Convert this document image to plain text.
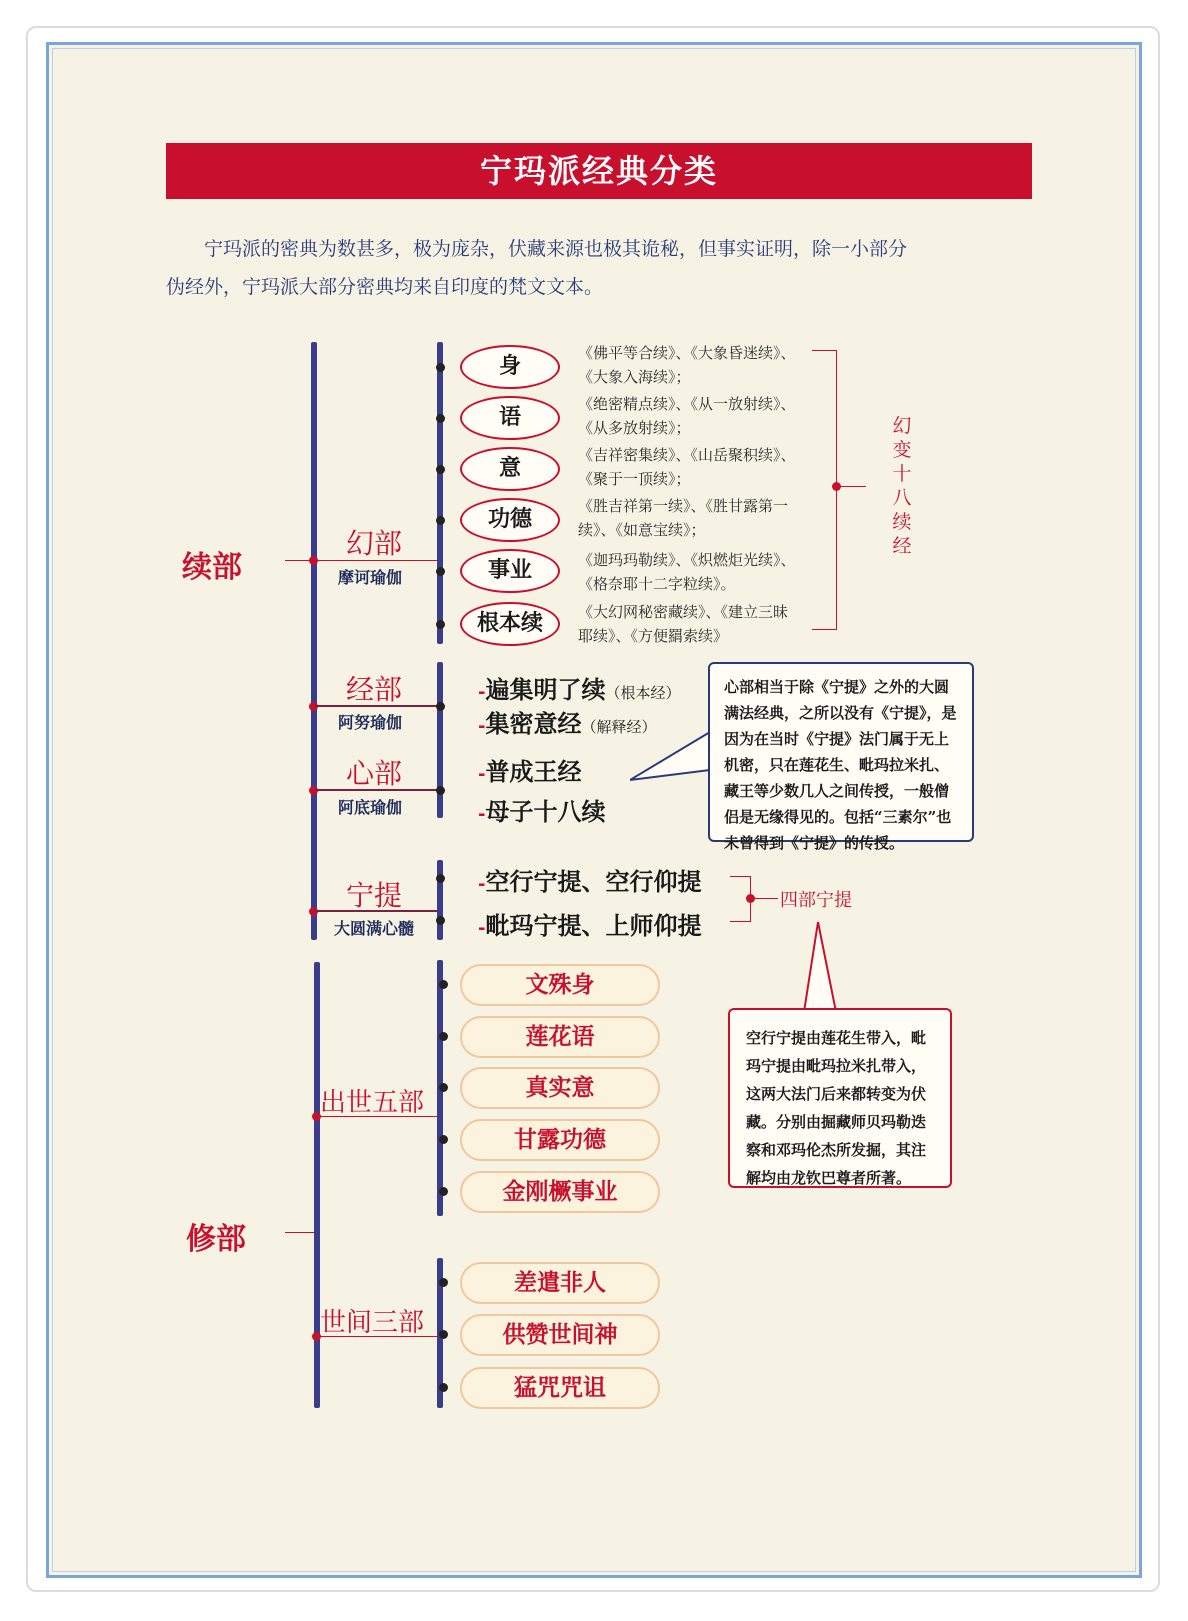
宁玛派经典分类
宁玛派的密典为数甚多，极为庞杂，伏藏来源也极其诡秘，但事实证明，除一小部分
伪经外，宁玛派大部分密典均来自印度的梵文文本。
续部
幻部
摩诃瑜伽
身
语
意
功德
事业
根本续
《佛平等合续》、《大象昏迷续》、
《大象入海续》；
《绝密精点续》、《从一放射续》、
《从多放射续》；
《吉祥密集续》、《山岳聚积续》、
《聚于一顶续》；
《胜吉祥第一续》、《胜甘露第一
续》、《如意宝续》；
《迦玛玛勒续》、《炽燃炬光续》、
《格奈耶十二字粒续》。
《大幻网秘密藏续》、《建立三昧
耶续》、《方便羂索续》
幻变十八续经
经部
阿努瑜伽
心部
阿底瑜伽
-遍集明了续（根本经）
-集密意经（解释经）
-普成王经
-母子十八续
心部相当于除《宁提》之外的大圆满法经典，之所以没有《宁提》，是因为在当时《宁提》法门属于无上机密，只在莲花生、毗玛拉米扎、藏王等少数几人之间传授，一般僧侣是无缘得见的。包括“三素尔”也未曾得到《宁提》的传授。
宁提
大圆满心髓
-空行宁提、空行仰提
-毗玛宁提、上师仰提
四部宁提
空行宁提由莲花生带入，毗玛宁提由毗玛拉米扎带入，这两大法门后来都转变为伏藏。分别由掘藏师贝玛勒迭察和邓玛伦杰所发掘，其注解均由龙钦巴尊者所著。
修部
出世五部
文殊身
莲花语
真实意
甘露功德
金刚橛事业
世间三部
差遣非人
供赞世间神
猛咒咒诅
